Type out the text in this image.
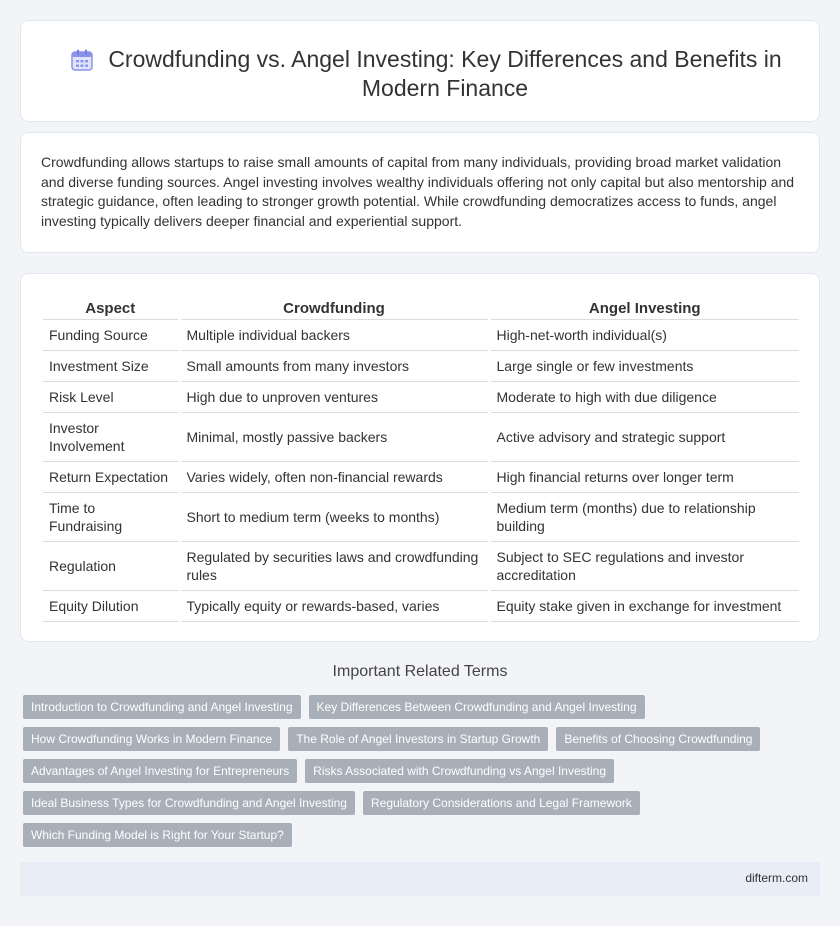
Crowdfunding vs. Angel Investing: Key Differences and Benefits in Modern Finance

Crowdfunding allows startups to raise small amounts of capital from many individuals, providing broad market validation and diverse funding sources. Angel investing involves wealthy individuals offering not only capital but also mentorship and strategic guidance, often leading to stronger growth potential. While crowdfunding democratizes access to funds, angel investing typically delivers deeper financial and experiential support.

Aspect	Crowdfunding	Angel Investing
Funding Source	Multiple individual backers	High-net-worth individual(s)
Investment Size	Small amounts from many investors	Large single or few investments
Risk Level	High due to unproven ventures	Moderate to high with due diligence
Investor Involvement	Minimal, mostly passive backers	Active advisory and strategic support
Return Expectation	Varies widely, often non-financial rewards	High financial returns over longer term
Time to Fundraising	Short to medium term (weeks to months)	Medium term (months) due to relationship building
Regulation	Regulated by securities laws and crowdfunding rules	Subject to SEC regulations and investor accreditation
Equity Dilution	Typically equity or rewards-based, varies	Equity stake given in exchange for investment
Important Related Terms
Introduction to Crowdfunding and Angel Investing	Key Differences Between Crowdfunding and Angel Investing
How Crowdfunding Works in Modern Finance	The Role of Angel Investors in Startup Growth	Benefits of Choosing Crowdfunding
Advantages of Angel Investing for Entrepreneurs	Risks Associated with Crowdfunding vs Angel Investing
Ideal Business Types for Crowdfunding and Angel Investing	Regulatory Considerations and Legal Framework
Which Funding Model is Right for Your Startup?
difterm.com
